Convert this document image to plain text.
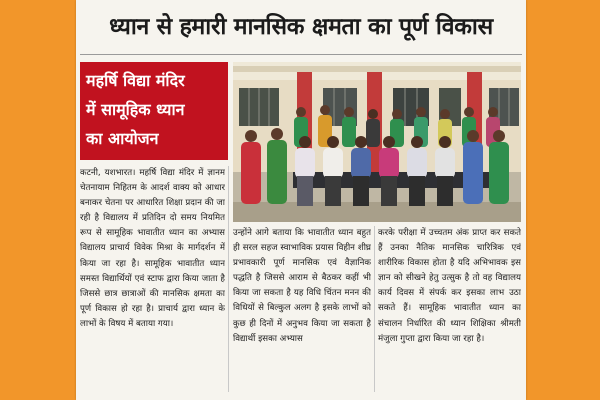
ध्यान से हमारी मानसिक क्षमता का पूर्ण विकास
महर्षि विद्या मंदिर
में सामूहिक ध्यान
का आयोजन

कटनी, यशभारत। महर्षि विद्या मंदिर में ज्ञानम चेतनायाम निहितम के आदर्श वाक्य को आधार बनाकर चेतना पर आधारित शिक्षा प्रदान की जा रही है विद्यालय में प्रतिदिन दो समय नियमित रूप से सामूहिक भावातीत ध्यान का अभ्यास विद्यालय प्राचार्य विवेक मिश्रा के मार्गदर्शन में किया जा रहा है। सामूहिक भावातीत ध्यान समस्त विद्यार्थियों एवं स्टाफ द्वारा किया जाता है जिससे छात्र छात्राओं की मानसिक क्षमता का पूर्ण विकास हो रहा है। प्राचार्य द्वारा ध्यान के लाभों के विषय में बताया गया।

उन्होंने आगे बताया कि भावातीत ध्यान बहुत ही सरल सहज स्वाभाविक प्रयास विहीन शीघ्र प्रभावकारी पूर्ण मानसिक एवं वैज्ञानिक पद्धति है जिससे आराम से बैठकर कहीं भी किया जा सकता है यह विधि चिंतन मनन की विधियों से बिल्कुल अलग है इसके लाभों को कुछ ही दिनों में अनुभव किया जा सकता है विद्यार्थी इसका अभ्यास

करके परीक्षा में उच्चतम अंक प्राप्त कर सकते हैं उनका नैतिक मानसिक चारित्रिक एवं शारीरिक विकास होता है यदि अभिभावक इस ज्ञान को सीखने हेतु उत्सुक है तो वह विद्यालय कार्य दिवस में संपर्क कर इसका लाभ उठा सकते हैं। सामूहिक भावातीत ध्यान का संचालन निर्धारित की ध्यान शिक्षिका श्रीमती मंजुला गुप्ता द्वारा किया जा रहा है।
